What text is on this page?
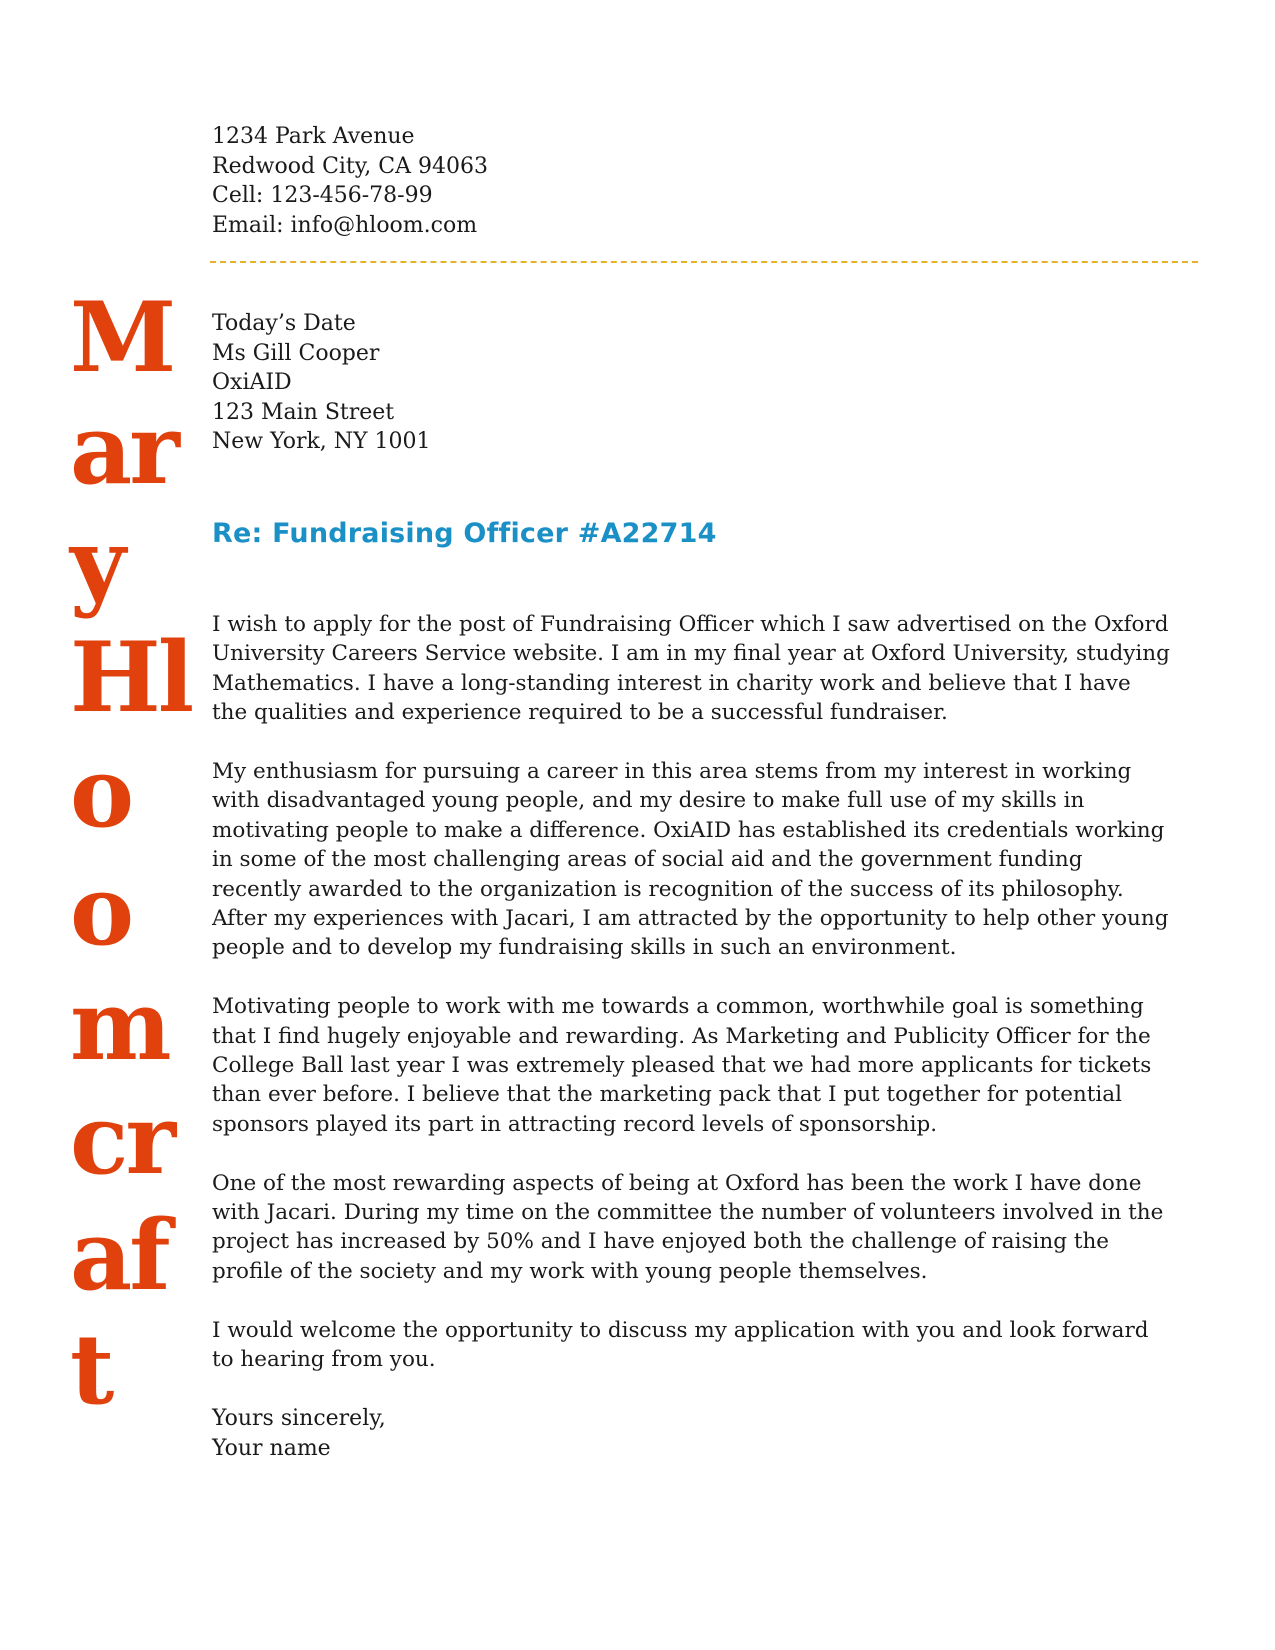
M
ar
y
Hl
o
o
m
cr
af
t
1234 Park Avenue
Redwood City, CA 94063
Cell: 123-456-78-99
Email: info@hloom.com
Today’s Date
Ms Gill Cooper
OxiAID
123 Main Street
New York, NY 1001
Re: Fundraising Officer #A22714

I wish to apply for the post of Fundraising Officer which I saw advertised on the Oxford University Careers Service website. I am in my final year at Oxford University, studying Mathematics. I have a long-standing interest in charity work and believe that I have the qualities and experience required to be a successful fundraiser.

My enthusiasm for pursuing a career in this area stems from my interest in working with disadvantaged young people, and my desire to make full use of my skills in motivating people to make a difference. OxiAID has established its credentials working in some of the most challenging areas of social aid and the government funding recently awarded to the organization is recognition of the success of its philosophy. After my experiences with Jacari, I am attracted by the opportunity to help other young people and to develop my fundraising skills in such an environment.

Motivating people to work with me towards a common, worthwhile goal is something that I find hugely enjoyable and rewarding. As Marketing and Publicity Officer for the College Ball last year I was extremely pleased that we had more applicants for tickets than ever before. I believe that the marketing pack that I put together for potential sponsors played its part in attracting record levels of sponsorship.

One of the most rewarding aspects of being at Oxford has been the work I have done with Jacari. During my time on the committee the number of volunteers involved in the project has increased by 50% and I have enjoyed both the challenge of raising the profile of the society and my work with young people themselves.

I would welcome the opportunity to discuss my application with you and look forward to hearing from you.

Yours sincerely,
Your name
